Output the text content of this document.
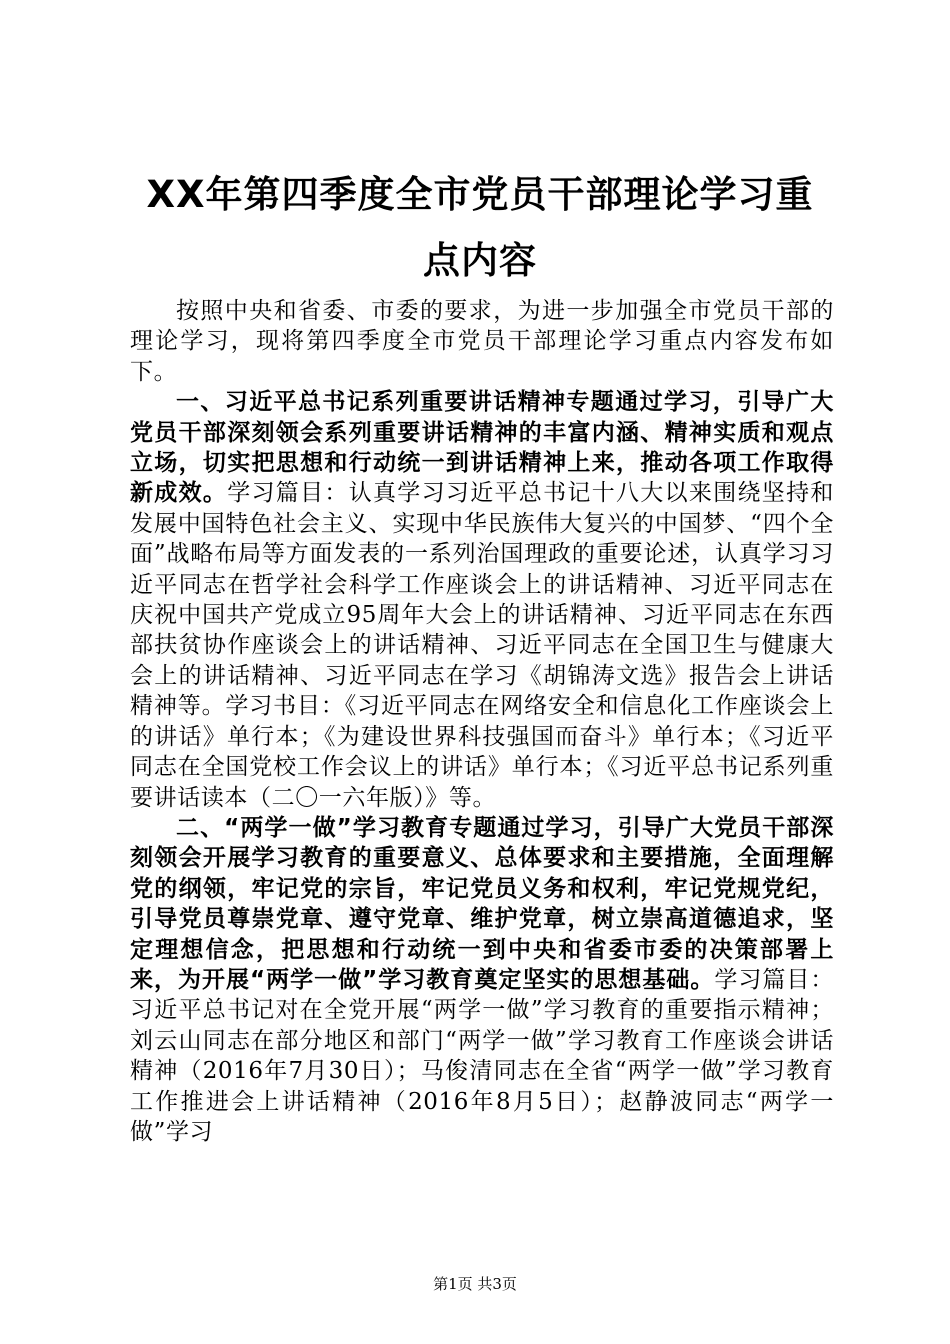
XX年第四季度全市党员干部理论学习重点内容

按照中央和省委、市委的要求，为进一步加强全市党员干部的理论学习，现将第四季度全市党员干部理论学习重点内容发布如下。

一、习近平总书记系列重要讲话精神专题通过学习，引导广大党员干部深刻领会系列重要讲话精神的丰富内涵、精神实质和观点立场，切实把思想和行动统一到讲话精神上来，推动各项工作取得新成效。学习篇目：认真学习习近平总书记十八大以来围绕坚持和发展中国特色社会主义、实现中华民族伟大复兴的中国梦、“四个全面”战略布局等方面发表的一系列治国理政的重要论述，认真学习习近平同志在哲学社会科学工作座谈会上的讲话精神、习近平同志在庆祝中国共产党成立95周年大会上的讲话精神、习近平同志在东西部扶贫协作座谈会上的讲话精神、习近平同志在全国卫生与健康大会上的讲话精神、习近平同志在学习《胡锦涛文选》报告会上讲话精神等。学习书目：《习近平同志在网络安全和信息化工作座谈会上的讲话》单行本；《为建设世界科技强国而奋斗》单行本；《习近平同志在全国党校工作会议上的讲话》单行本；《习近平总书记系列重要讲话读本（二〇一六年版）》等。

二、“两学一做”学习教育专题通过学习，引导广大党员干部深刻领会开展学习教育的重要意义、总体要求和主要措施，全面理解党的纲领，牢记党的宗旨，牢记党员义务和权利，牢记党规党纪，引导党员尊崇党章、遵守党章、维护党章，树立崇高道德追求，坚定理想信念，把思想和行动统一到中央和省委市委的决策部署上来，为开展“两学一做”学习教育奠定坚实的思想基础。学习篇目：习近平总书记对在全党开展“两学一做”学习教育的重要指示精神；刘云山同志在部分地区和部门“两学一做”学习教育工作座谈会讲话精神（2016年7月30日）；马俊清同志在全省“两学一做”学习教育工作推进会上讲话精神（2016年8月5日）；赵静波同志“两学一做”学习

第1页 共3页
